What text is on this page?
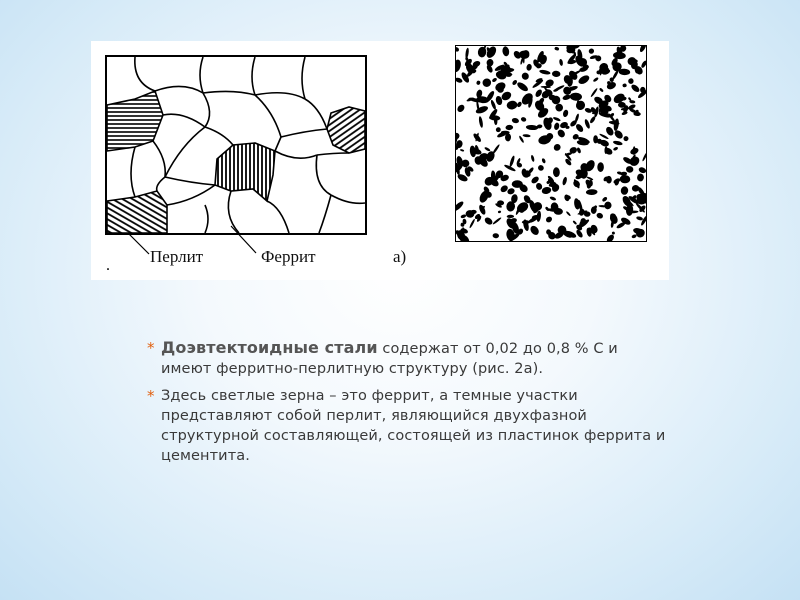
. Перлит	Феррит	а)
* Доэвтектоидные стали содержат от 0,02 до 0,8 % С и имеют ферритно-перлитную структуру (рис. 2а).
* Здесь светлые зерна – это феррит, а темные участки представляют собой перлит, являющийся двухфазной структурной составляющей, состоящей из пластинок феррита и цементита.
